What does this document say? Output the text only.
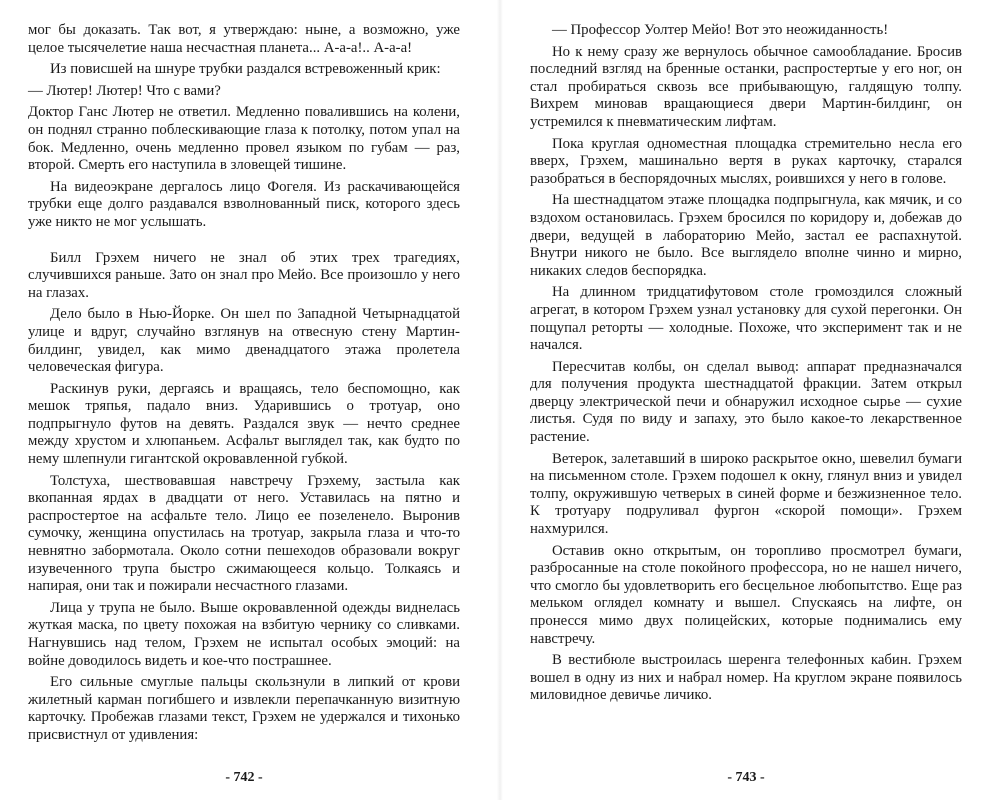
мог бы доказать. Так вот, я утверждаю: ныне, а возможно, уже целое тысячелетие наша несчастная планета... А-а-а!.. А-а-а!

Из повисшей на шнуре трубки раздался встревоженный крик:

— Лютер! Лютер! Что с вами?

Доктор Ганс Лютер не ответил. Медленно повалившись на колени, он поднял странно поблескивающие глаза к потолку, потом упал на бок. Медленно, очень медленно провел языком по губам — раз, второй. Смерть его наступила в зловещей тишине.

На видеоэкране дергалось лицо Фогеля. Из раскачивающейся трубки еще долго раздавался взволнованный писк, которого здесь уже никто не мог услышать.

Билл Грэхем ничего не знал об этих трех трагедиях, случившихся раньше. Зато он знал про Мейо. Все произошло у него на глазах.

Дело было в Нью-Йорке. Он шел по Западной Четырнадцатой улице и вдруг, случайно взглянув на отвесную стену Мартин-билдинг, увидел, как мимо двенадцатого этажа пролетела человеческая фигура.

Раскинув руки, дергаясь и вращаясь, тело беспомощно, как мешок тряпья, падало вниз. Ударившись о тротуар, оно подпрыгнуло футов на девять. Раздался звук — нечто среднее между хрустом и хлюпаньем. Асфальт выглядел так, как будто по нему шлепнули гигантской окровавленной губкой.

Толстуха, шествовавшая навстречу Грэхему, застыла как вкопанная ярдах в двадцати от него. Уставилась на пятно и распростертое на асфальте тело. Лицо ее позеленело. Выронив сумочку, женщина опустилась на тротуар, закрыла глаза и что-то невнятно забормотала. Около сотни пешеходов образовали вокруг изувеченного трупа быстро сжимающееся кольцо. Толкаясь и напирая, они так и пожирали несчастного глазами.

Лица у трупа не было. Выше окровавленной одежды виднелась жуткая маска, по цвету похожая на взбитую чернику со сливками. Нагнувшись над телом, Грэхем не испытал особых эмоций: на войне доводилось видеть и кое-что пострашнее.

Его сильные смуглые пальцы скользнули в липкий от крови жилетный карман погибшего и извлекли перепачканную визитную карточку. Пробежав глазами текст, Грэхем не удержался и тихонько присвистнул от удивления:

- 742 -

— Профессор Уолтер Мейо! Вот это неожиданность!

Но к нему сразу же вернулось обычное самообладание. Бросив последний взгляд на бренные останки, распростертые у его ног, он стал пробираться сквозь все прибывающую, галдящую толпу. Вихрем миновав вращающиеся двери Мартин-билдинг, он устремился к пневматическим лифтам.

Пока круглая одноместная площадка стремительно несла его вверх, Грэхем, машинально вертя в руках карточку, старался разобраться в беспорядочных мыслях, роившихся у него в голове.

На шестнадцатом этаже площадка подпрыгнула, как мячик, и со вздохом остановилась. Грэхем бросился по коридору и, добежав до двери, ведущей в лабораторию Мейо, застал ее распахнутой. Внутри никого не было. Все выглядело вполне чинно и мирно, никаких следов беспорядка.

На длинном тридцатифутовом столе громоздился сложный агрегат, в котором Грэхем узнал установку для сухой перегонки. Он пощупал реторты — холодные. Похоже, что эксперимент так и не начался.

Пересчитав колбы, он сделал вывод: аппарат предназначался для получения продукта шестнадцатой фракции. Затем открыл дверцу электрической печи и обнаружил исходное сырье — сухие листья. Судя по виду и запаху, это было какое-то лекарственное растение.

Ветерок, залетавший в широко раскрытое окно, шевелил бумаги на письменном столе. Грэхем подошел к окну, глянул вниз и увидел толпу, окружившую четверых в синей форме и безжизненное тело. К тротуару подруливал фургон «скорой помощи». Грэхем нахмурился.

Оставив окно открытым, он торопливо просмотрел бумаги, разбросанные на столе покойного профессора, но не нашел ничего, что смогло бы удовлетворить его бесцельное любопытство. Еще раз мельком оглядел комнату и вышел. Спускаясь на лифте, он пронесся мимо двух полицейских, которые поднимались ему навстречу.

В вестибюле выстроилась шеренга телефонных кабин. Грэхем вошел в одну из них и набрал номер. На круглом экране появилось миловидное девичье личико.

- 743 -
